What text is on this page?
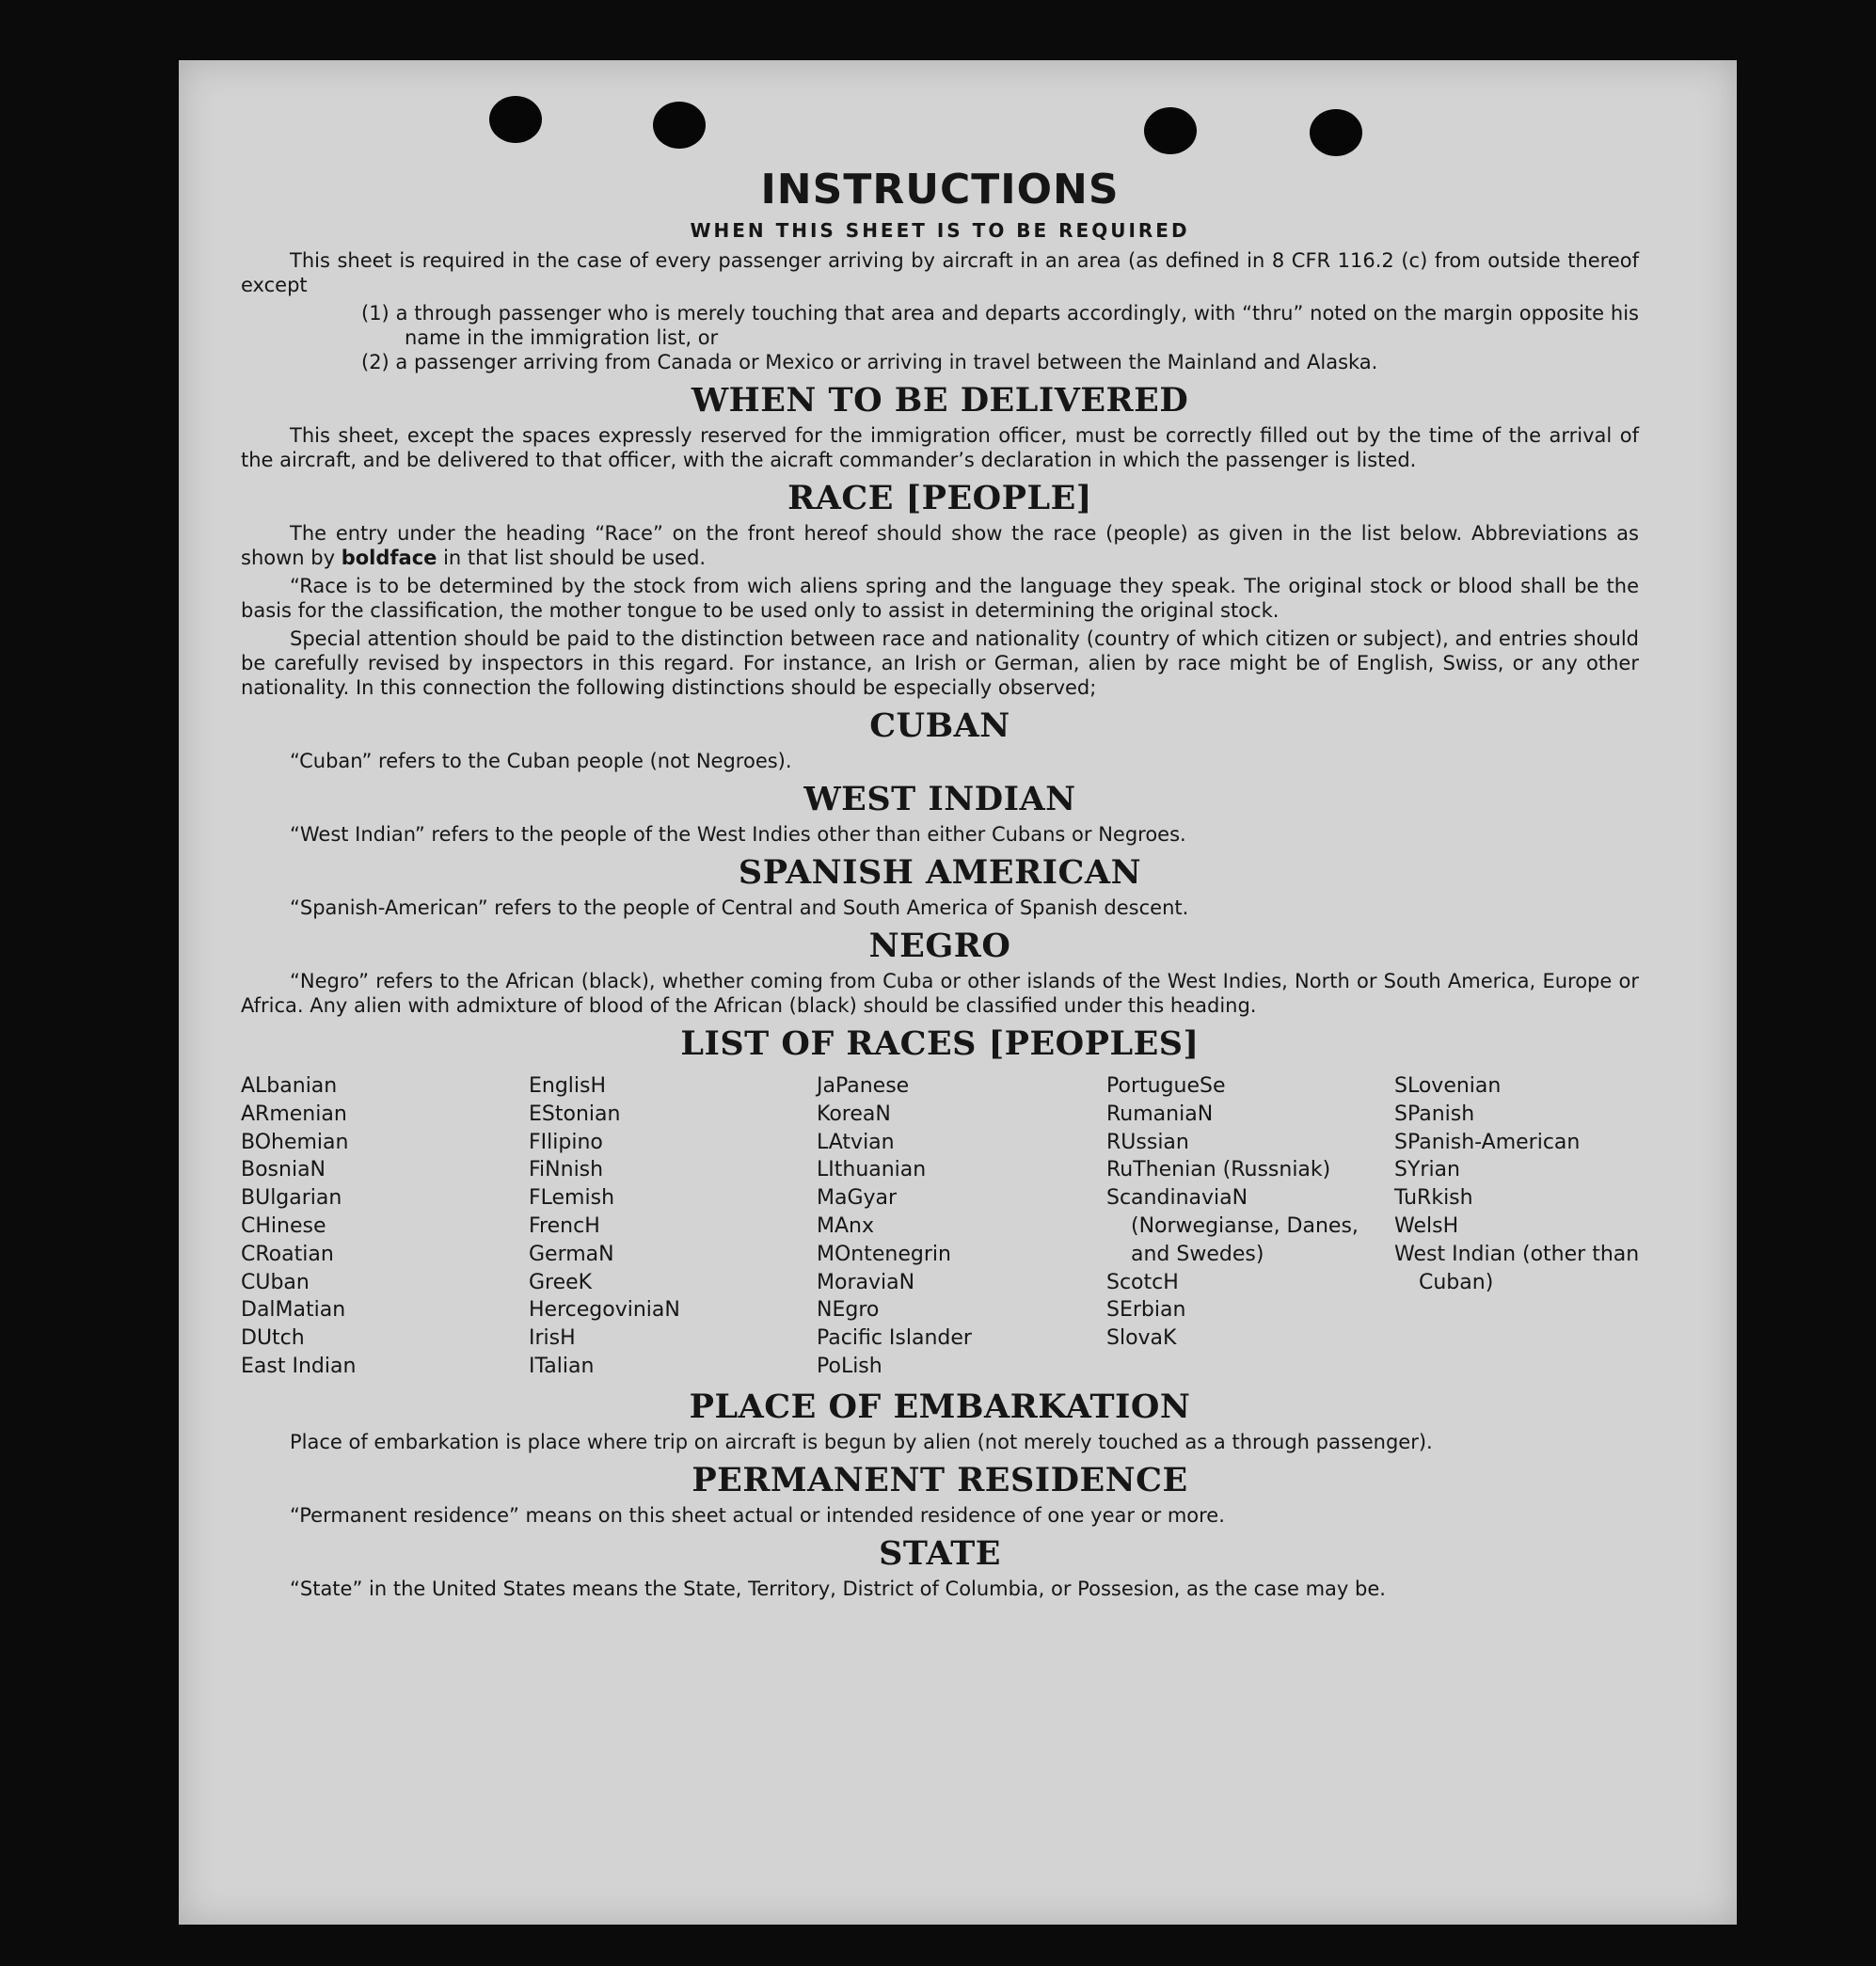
INSTRUCTIONS
WHEN THIS SHEET IS TO BE REQUIRED

This sheet is required in the case of every passenger arriving by aircraft in an area (as defined in 8 CFR 116.2 (c) from outside thereof except

(1) a through passenger who is merely touching that area and departs accordingly, with “thru” noted on the margin opposite his name in the immigration list, or
(2) a passenger arriving from Canada or Mexico or arriving in travel between the Mainland and Alaska.
WHEN TO BE DELIVERED

This sheet, except the spaces expressly reserved for the immigration officer, must be correctly filled out by the time of the arrival of the aircraft, and be delivered to that officer, with the aicraft commander’s declaration in which the passenger is listed.

RACE [PEOPLE]

The entry under the heading “Race” on the front hereof should show the race (people) as given in the list below. Abbreviations as shown by boldface in that list should be used.

“Race is to be determined by the stock from wich aliens spring and the language they speak. The original stock or blood shall be the basis for the classification, the mother tongue to be used only to assist in determining the original stock.

Special attention should be paid to the distinction between race and nationality (country of which citizen or subject), and entries should be carefully revised by inspectors in this regard. For instance, an Irish or German, alien by race might be of English, Swiss, or any other nationality. In this connection the following distinctions should be especially observed;

CUBAN

“Cuban” refers to the Cuban people (not Negroes).

WEST INDIAN

“West Indian” refers to the people of the West Indies other than either Cubans or Negroes.

SPANISH AMERICAN

“Spanish-American” refers to the people of Central and South America of Spanish descent.

NEGRO

“Negro” refers to the African (black), whether coming from Cuba or other islands of the West Indies, North or South America, Europe or Africa. Any alien with admixture of blood of the African (black) should be classified under this heading.

LIST OF RACES [PEOPLES]
ALbanian
ARmenian
BOhemian
BosniaN
BUlgarian
CHinese
CRoatian
CUban
DalMatian
DUtch
East Indian
EnglisH
EStonian
FIlipino
FiNnish
FLemish
FrencH
GermaN
GreeK
HercegoviniaN
IrisH
ITalian
JaPanese
KoreaN
LAtvian
LIthuanian
MaGyar
MAnx
MOntenegrin
MoraviaN
NEgro
Pacific Islander
PoLish
PortugueSe
RumaniaN
RUssian
RuThenian (Russniak)
ScandinaviaN (Norwegianse, Danes, and Swedes)
ScotcH
SErbian
SlovaK
SLovenian
SPanish
SPanish-American
SYrian
TuRkish
WelsH
West Indian (other than Cuban)
PLACE OF EMBARKATION

Place of embarkation is place where trip on aircraft is begun by alien (not merely touched as a through passenger).

PERMANENT RESIDENCE

“Permanent residence” means on this sheet actual or intended residence of one year or more.

STATE

“State” in the United States means the State, Territory, District of Columbia, or Possesion, as the case may be.
